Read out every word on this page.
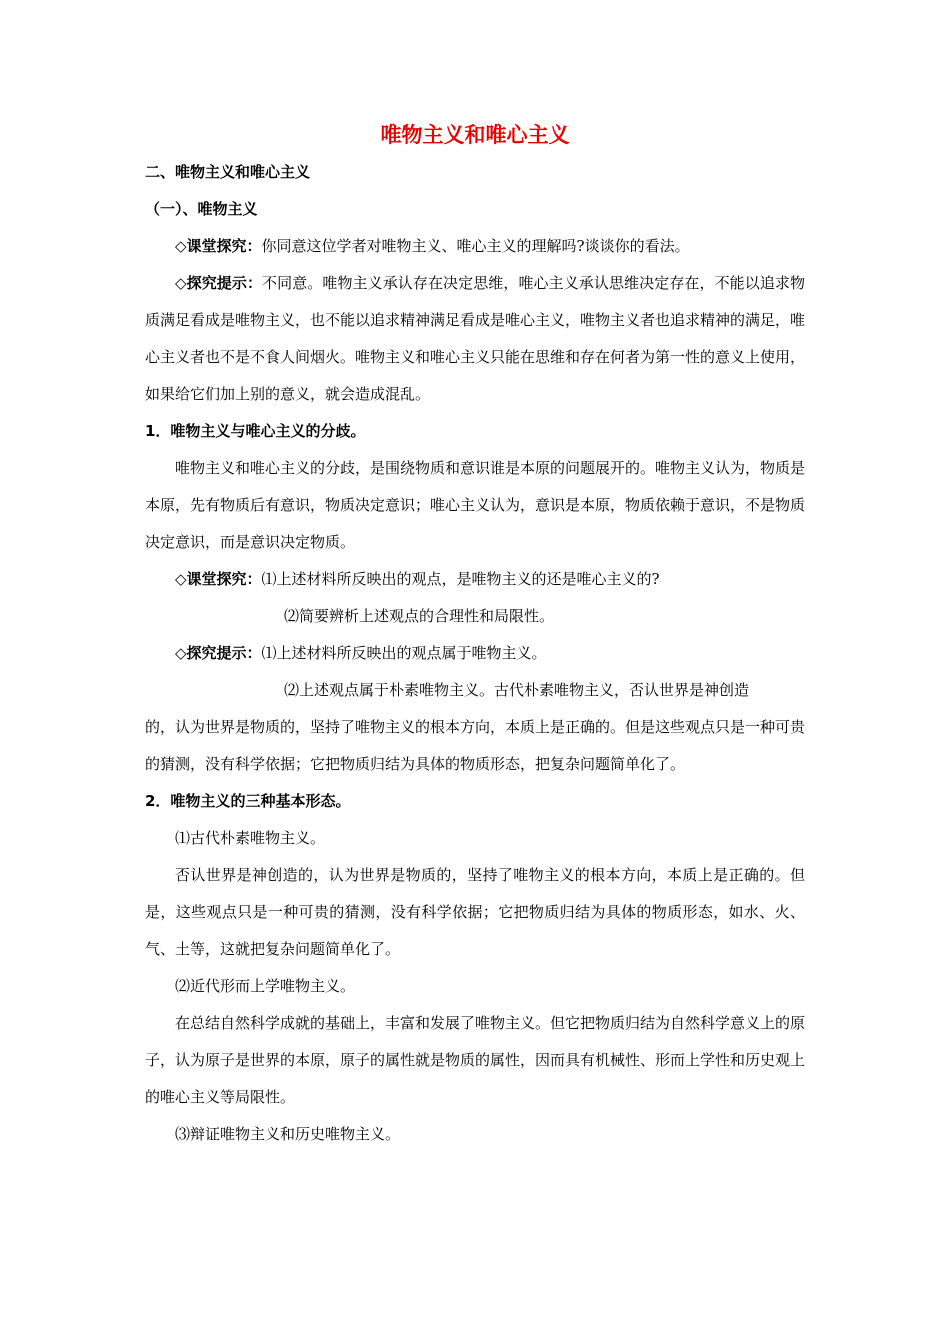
唯物主义和唯心主义
二、唯物主义和唯心主义
（一）、唯物主义
◇课堂探究：你同意这位学者对唯物主义、唯心主义的理解吗?谈谈你的看法。
◇探究提示：不同意。唯物主义承认存在决定思维，唯心主义承认思维决定存在，不能以追求物质满足看成是唯物主义，也不能以追求精神满足看成是唯心主义，唯物主义者也追求精神的满足，唯心主义者也不是不食人间烟火。唯物主义和唯心主义只能在思维和存在何者为第一性的意义上使用，如果给它们加上别的意义，就会造成混乱。
1．唯物主义与唯心主义的分歧。
唯物主义和唯心主义的分歧，是围绕物质和意识谁是本原的问题展开的。唯物主义认为，物质是本原，先有物质后有意识，物质决定意识；唯心主义认为，意识是本原，物质依赖于意识，不是物质决定意识，而是意识决定物质。
◇课堂探究：⑴上述材料所反映出的观点，是唯物主义的还是唯心主义的?
⑵简要辨析上述观点的合理性和局限性。
◇探究提示：⑴上述材料所反映出的观点属于唯物主义。
⑵上述观点属于朴素唯物主义。古代朴素唯物主义，否认世界是神创造
的，认为世界是物质的，坚持了唯物主义的根本方向，本质上是正确的。但是这些观点只是一种可贵的猜测，没有科学依据；它把物质归结为具体的物质形态，把复杂问题简单化了。
2．唯物主义的三种基本形态。
⑴古代朴素唯物主义。
否认世界是神创造的，认为世界是物质的，坚持了唯物主义的根本方向，本质上是正确的。但是，这些观点只是一种可贵的猜测，没有科学依据；它把物质归结为具体的物质形态，如水、火、气、土等，这就把复杂问题简单化了。
⑵近代形而上学唯物主义。
在总结自然科学成就的基础上，丰富和发展了唯物主义。但它把物质归结为自然科学意义上的原子，认为原子是世界的本原，原子的属性就是物质的属性，因而具有机械性、形而上学性和历史观上的唯心主义等局限性。
⑶辩证唯物主义和历史唯物主义。
